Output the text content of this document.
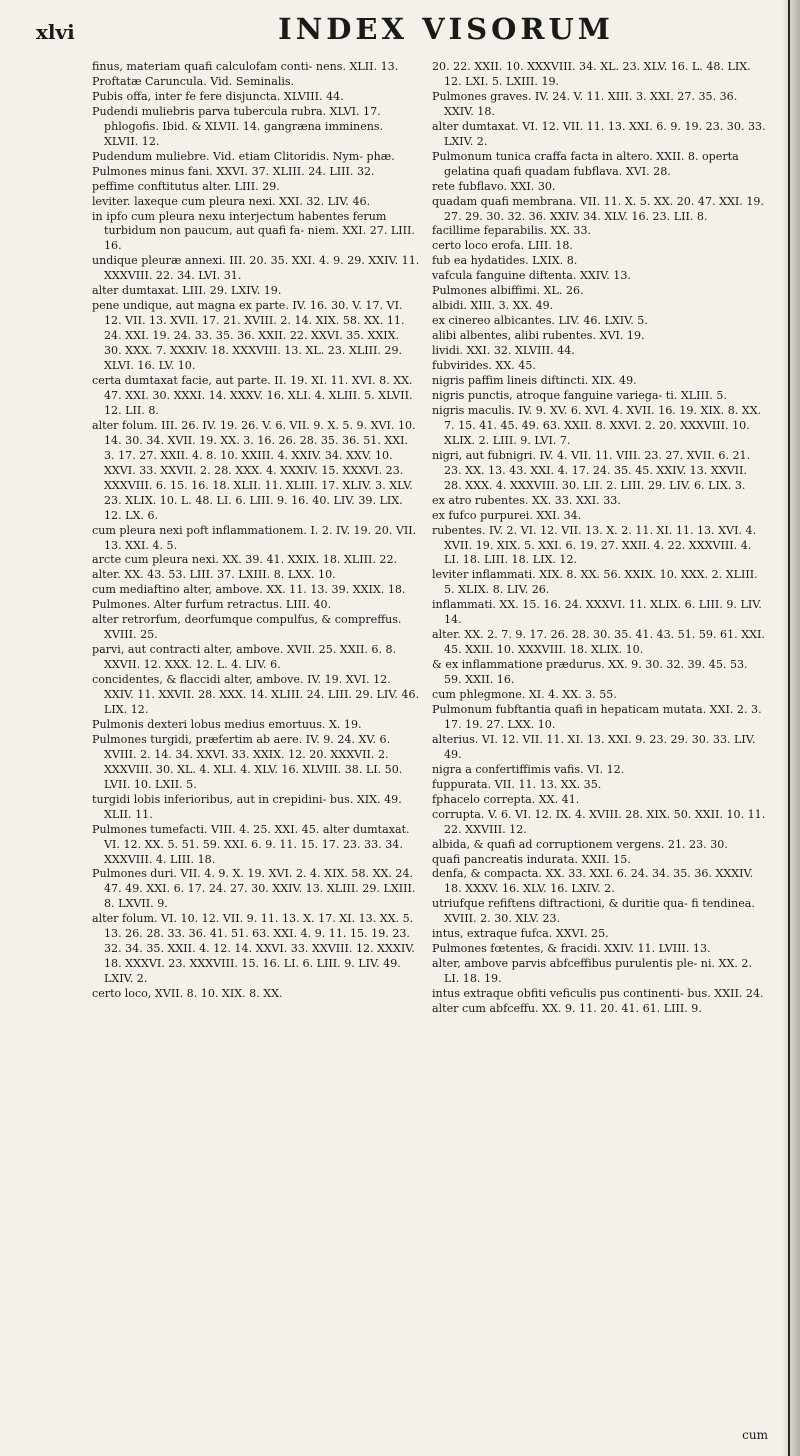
xlvi	INDEX VISORUM

finus, materiam quafi calculofam conti- nens. XLII. 13.

Proftatæ Caruncula. Vid. Seminalis.

Pubis offa, inter fe fere disjuncta. XLVIII. 44.

Pudendi muliebris parva tubercula rubra. XLVI. 17. phlogofis. Ibid. & XLVII. 14. gangræna imminens. XLVII. 12.

Pudendum muliebre. Vid. etiam Clitoridis. Nym- phæ.

Pulmones minus fani. XXVI. 37. XLIII. 24. LIII. 32.

peffime conftitutus alter. LIII. 29.

leviter. laxeque cum pleura nexi. XXI. 32. LIV. 46.

in ipfo cum pleura nexu interjectum habentes ferum turbidum non paucum, aut quafi fa- niem. XXI. 27. LIII. 16.

undique pleuræ annexi. III. 20. 35. XXI. 4. 9. 29. XXIV. 11. XXXVIII. 22. 34. LVI. 31.

alter dumtaxat. LIII. 29. LXIV. 19.

pene undique, aut magna ex parte. IV. 16. 30. V. 17. VI. 12. VII. 13. XVII. 17. 21. XVIII. 2. 14. XIX. 58. XX. 11. 24. XXI. 19. 24. 33. 35. 36. XXII. 22. XXVI. 35. XXIX. 30. XXX. 7. XXXIV. 18. XXXVIII. 13. XL. 23. XLIII. 29. XLVI. 16. LV. 10.

certa dumtaxat facie, aut parte. II. 19. XI. 11. XVI. 8. XX. 47. XXI. 30. XXXI. 14. XXXV. 16. XLI. 4. XLIII. 5. XLVII. 12. LII. 8.

alter folum. III. 26. IV. 19. 26. V. 6. VII. 9. X. 5. 9. XVI. 10. 14. 30. 34. XVII. 19. XX. 3. 16. 26. 28. 35. 36. 51. XXI. 3. 17. 27. XXII. 4. 8. 10. XXIII. 4. XXIV. 34. XXV. 10. XXVI. 33. XXVII. 2. 28. XXX. 4. XXXIV. 15. XXXVI. 23. XXXVIII. 6. 15. 16. 18. XLII. 11. XLIII. 17. XLIV. 3. XLV. 23. XLIX. 10. L. 48. LI. 6. LIII. 9. 16. 40. LIV. 39. LIX. 12. LX. 6.

cum pleura nexi poft inflammationem. I. 2. IV. 19. 20. VII. 13. XXI. 4. 5.

arcte cum pleura nexi. XX. 39. 41. XXIX. 18. XLIII. 22.

alter. XX. 43. 53. LIII. 37. LXIII. 8. LXX. 10.

cum mediaftino alter, ambove. XX. 11. 13. 39. XXIX. 18.

Pulmones. Alter furfum retractus. LIII. 40.

alter retrorfum, deorfumque compulfus, & compreffus. XVIII. 25.

parvi, aut contracti alter, ambove. XVII. 25. XXII. 6. 8. XXVII. 12. XXX. 12. L. 4. LIV. 6.

concidentes, & flaccidi alter, ambove. IV. 19. XVI. 12. XXIV. 11. XXVII. 28. XXX. 14. XLIII. 24. LIII. 29. LIV. 46. LIX. 12.

Pulmonis dexteri lobus medius emortuus. X. 19.

Pulmones turgidi, præfertim ab aere. IV. 9. 24. XV. 6. XVIII. 2. 14. 34. XXVI. 33. XXIX. 12. 20. XXXVII. 2. XXXVIII. 30. XL. 4. XLI. 4. XLV. 16. XLVIII. 38. LI. 50. LVII. 10. LXII. 5.

turgidi lobis inferioribus, aut in crepidini- bus. XIX. 49. XLII. 11.

Pulmones tumefacti. VIII. 4. 25. XXI. 45. alter dumtaxat. VI. 12. XX. 5. 51. 59. XXI. 6. 9. 11. 15. 17. 23. 33. 34. XXXVIII. 4. LIII. 18.

Pulmones duri. VII. 4. 9. X. 19. XVI. 2. 4. XIX. 58. XX. 24. 47. 49. XXI. 6. 17. 24. 27. 30. XXIV. 13. XLIII. 29. LXIII. 8. LXVII. 9.

alter folum. VI. 10. 12. VII. 9. 11. 13. X. 17. XI. 13. XX. 5. 13. 26. 28. 33. 36. 41. 51. 63. XXI. 4. 9. 11. 15. 19. 23. 32. 34. 35. XXII. 4. 12. 14. XXVI. 33. XXVIII. 12. XXXIV. 18. XXXVI. 23. XXXVIII. 15. 16. LI. 6. LIII. 9. LIV. 49. LXIV. 2.

certo loco, XVII. 8. 10. XIX. 8. XX.

20. 22. XXII. 10. XXXVIII. 34. XL. 23. XLV. 16. L. 48. LIX. 12. LXI. 5. LXIII. 19.

Pulmones graves. IV. 24. V. 11. XIII. 3. XXI. 27. 35. 36. XXIV. 18.

alter dumtaxat. VI. 12. VII. 11. 13. XXI. 6. 9. 19. 23. 30. 33. LXIV. 2.

Pulmonum tunica craffa facta in altero. XXII. 8. operta gelatina quafi quadam fubflava. XVI. 28.

rete fubflavo. XXI. 30.

quadam quafi membrana. VII. 11. X. 5. XX. 20. 47. XXI. 19. 27. 29. 30. 32. 36. XXIV. 34. XLV. 16. 23. LII. 8.

facillime feparabilis. XX. 33.

certo loco erofa. LIII. 18.

fub ea hydatides. LXIX. 8.

vafcula fanguine diftenta. XXIV. 13.

Pulmones albiffimi. XL. 26.

albidi. XIII. 3. XX. 49.

ex cinereo albicantes. LIV. 46. LXIV. 5.

alibi albentes, alibi rubentes. XVI. 19.

lividi. XXI. 32. XLVIII. 44.

fubvirides. XX. 45.

nigris paffim lineis diftincti. XIX. 49.

nigris punctis, atroque fanguine variega- ti. XLIII. 5.

nigris maculis. IV. 9. XV. 6. XVI. 4. XVII. 16. 19. XIX. 8. XX. 7. 15. 41. 45. 49. 63. XXII. 8. XXVI. 2. 20. XXXVIII. 10. XLIX. 2. LIII. 9. LVI. 7.

nigri, aut fubnigri. IV. 4. VII. 11. VIII. 23. 27. XVII. 6. 21. 23. XX. 13. 43. XXI. 4. 17. 24. 35. 45. XXIV. 13. XXVII. 28. XXX. 4. XXXVIII. 30. LII. 2. LIII. 29. LIV. 6. LIX. 3.

ex atro rubentes. XX. 33. XXI. 33.

ex fufco purpurei. XXI. 34.

rubentes. IV. 2. VI. 12. VII. 13. X. 2. 11. XI. 11. 13. XVI. 4. XVII. 19. XIX. 5. XXI. 6. 19. 27. XXII. 4. 22. XXXVIII. 4. LI. 18. LIII. 18. LIX. 12.

leviter inflammati. XIX. 8. XX. 56. XXIX. 10. XXX. 2. XLIII. 5. XLIX. 8. LIV. 26.

inflammati. XX. 15. 16. 24. XXXVI. 11. XLIX. 6. LIII. 9. LIV. 14.

alter. XX. 2. 7. 9. 17. 26. 28. 30. 35. 41. 43. 51. 59. 61. XXI. 45. XXII. 10. XXXVIII. 18. XLIX. 10.

& ex inflammatione prædurus. XX. 9. 30. 32. 39. 45. 53. 59. XXII. 16.

cum phlegmone. XI. 4. XX. 3. 55.

Pulmonum fubftantia quafi in hepaticam mutata. XXI. 2. 3. 17. 19. 27. LXX. 10.

alterius. VI. 12. VII. 11. XI. 13. XXI. 9. 23. 29. 30. 33. LIV. 49.

nigra a confertiffimis vafis. VI. 12.

fuppurata. VII. 11. 13. XX. 35.

fphacelo correpta. XX. 41.

corrupta. V. 6. VI. 12. IX. 4. XVIII. 28. XIX. 50. XXII. 10. 11. 22. XXVIII. 12.

albida, & quafi ad corruptionem vergens. 21. 23. 30.

quafi pancreatis indurata. XXII. 15.

denfa, & compacta. XX. 33. XXI. 6. 24. 34. 35. 36. XXXIV. 18. XXXV. 16. XLV. 16. LXIV. 2.

utriufque refiftens diftractioni, & duritie qua- fi tendinea. XVIII. 2. 30. XLV. 23.

intus, extraque fufca. XXVI. 25.

Pulmones fœtentes, & fracidi. XXIV. 11. LVIII. 13.

alter, ambove parvis abfceffibus purulentis ple- ni. XX. 2. LI. 18. 19.

intus extraque obfiti veficulis pus continenti- bus. XXII. 24.

alter cum abfceffu. XX. 9. 11. 20. 41. 61. LIII. 9.

cum
